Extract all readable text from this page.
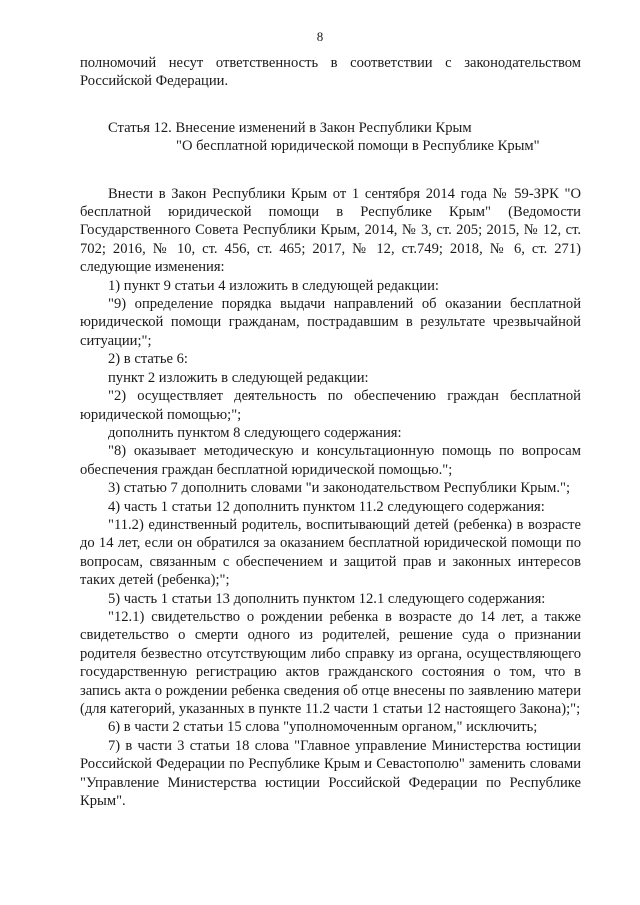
8

полномочий несут ответственность в соответствии с законодательством Российской Федерации.

Статья 12. Внесение изменений в Закон Республики Крым
"О бесплатной юридической помощи в Республике Крым"

Внести в Закон Республики Крым от 1 сентября 2014 года № 59-ЗРК "О бесплатной юридической помощи в Республике Крым" (Ведомости Государственного Совета Республики Крым, 2014, № 3, ст. 205; 2015, № 12, ст. 702; 2016, № 10, ст. 456, ст. 465; 2017, № 12, ст.749; 2018, № 6, ст. 271) следующие изменения:

1) пункт 9 статьи 4 изложить в следующей редакции:

"9) определение порядка выдачи направлений об оказании бесплатной юридической помощи гражданам, пострадавшим в результате чрезвычайной ситуации;";

2) в статье 6:

пункт 2 изложить в следующей редакции:

"2) осуществляет деятельность по обеспечению граждан бесплатной юридической помощью;";

дополнить пунктом 8 следующего содержания:

"8) оказывает методическую и консультационную помощь по вопросам обеспечения граждан бесплатной юридической помощью.";

3) статью 7 дополнить словами "и законодательством Республики Крым.";

4) часть 1 статьи 12 дополнить пунктом 11.2 следующего содержания:

"11.2) единственный родитель, воспитывающий детей (ребенка) в возрасте до 14 лет, если он обратился за оказанием бесплатной юридической помощи по вопросам, связанным с обеспечением и защитой прав и законных интересов таких детей (ребенка);";

5) часть 1 статьи 13 дополнить пунктом 12.1 следующего содержания:

"12.1) свидетельство о рождении ребенка в возрасте до 14 лет, а также свидетельство о смерти одного из родителей, решение суда о признании родителя безвестно отсутствующим либо справку из органа, осуществляющего государственную регистрацию актов гражданского состояния о том, что в запись акта о рождении ребенка сведения об отце внесены по заявлению матери (для категорий, указанных в пункте 11.2 части 1 статьи 12 настоящего Закона);";

6) в части 2 статьи 15 слова "уполномоченным органом," исключить;

7) в части 3 статьи 18 слова "Главное управление Министерства юстиции Российской Федерации по Республике Крым и Севастополю" заменить словами "Управление Министерства юстиции Российской Федерации по Республике Крым".
